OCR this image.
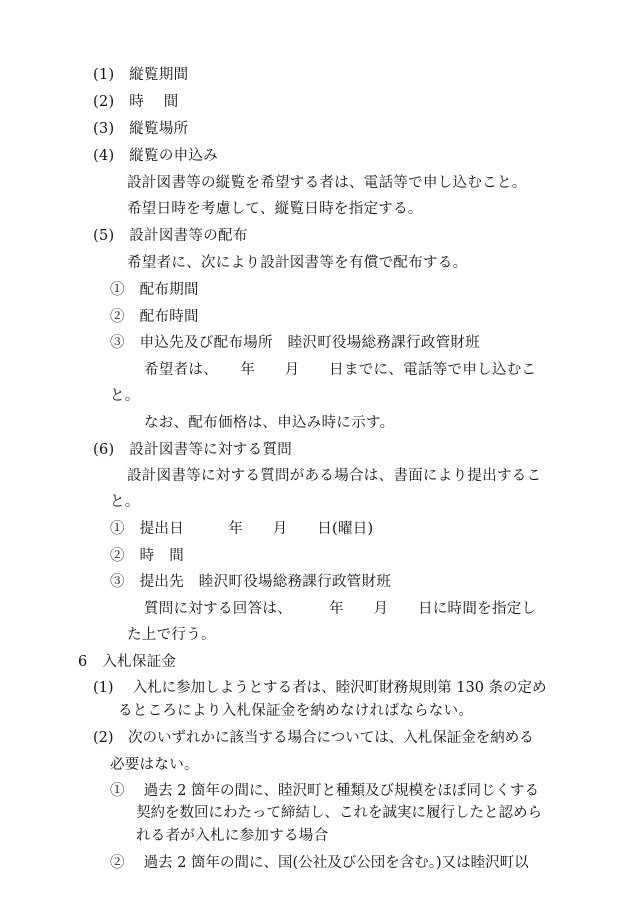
(1)　縦覧期間
(2)　時　 間
(3)　縦覧場所
(4)　縦覧の申込み
設計図書等の縦覧を希望する者は、電話等で申し込むこと。
希望日時を考慮して、縦覧日時を指定する。
(5)　設計図書等の配布
希望者に、次により設計図書等を有償で配布する。
①　配布期間
②　配布時間
③　申込先及び配布場所　睦沢町役場総務課行政管財班
希望者は、　　年　　月　　日までに、電話等で申し込むこ
と。
なお、配布価格は、申込み時に示す。
(6)　設計図書等に対する質問
設計図書等に対する質問がある場合は、書面により提出するこ
と。
①　提出日　　　年　　月　　日(曜日)
②　時　間
③　提出先　睦沢町役場総務課行政管財班
質問に対する回答は、　　　年　　月　　日に時間を指定し
た上で行う。
6　入札保証金
(1)　 入札に参加しようとする者は、睦沢町財務規則第 130 条の定め
るところにより入札保証金を納めなければならない。
(2)　次のいずれかに該当する場合については、入札保証金を納める
必要はない。
①　 過去 2 箇年の間に、睦沢町と種類及び規模をほぼ同じくする
契約を数回にわたって締結し、これを誠実に履行したと認めら
れる者が入札に参加する場合
②　 過去 2 箇年の間に、国(公社及び公団を含む。)又は睦沢町以
